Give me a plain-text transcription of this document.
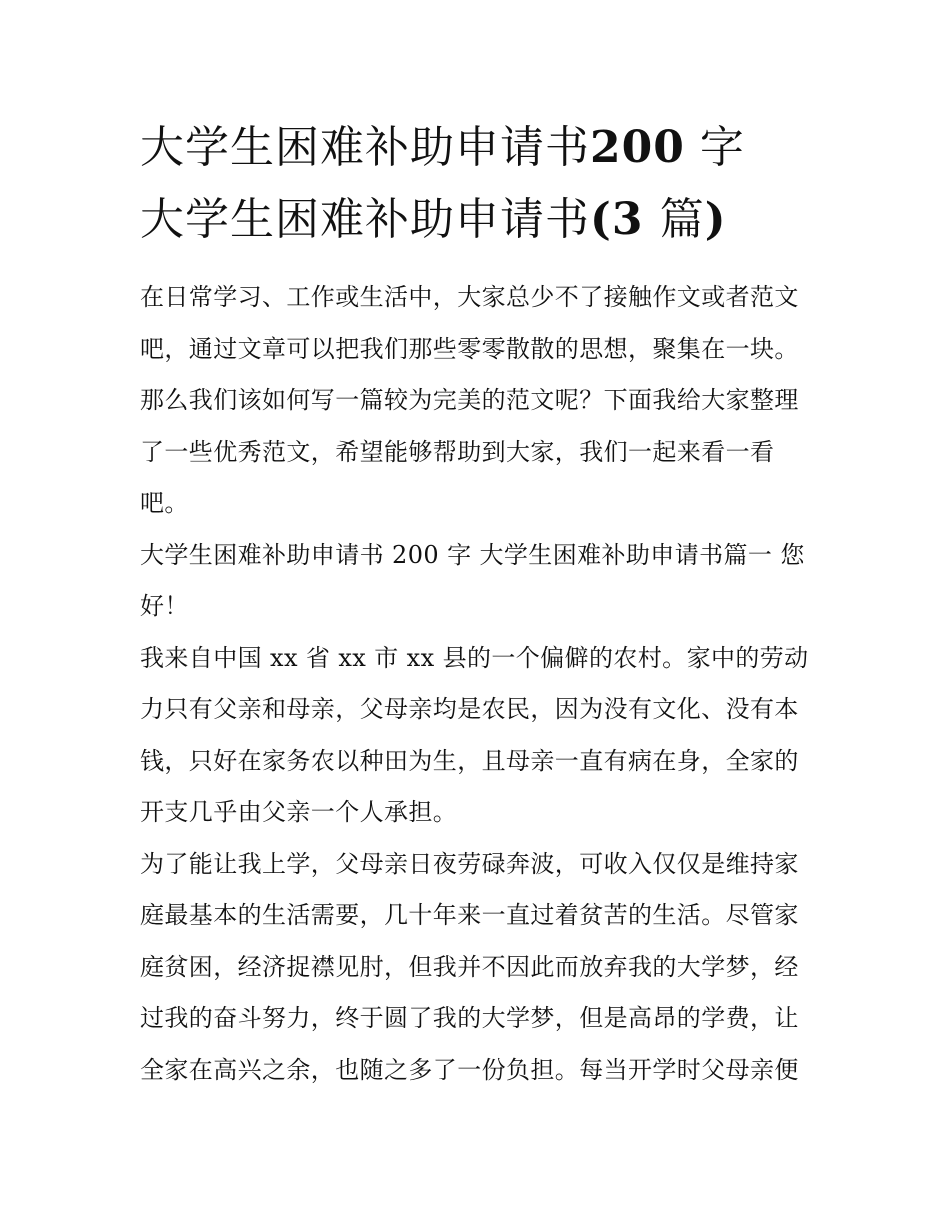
大学生困难补助申请书200 字
大学生困难补助申请书(3 篇)
在日常学习、工作或生活中，大家总少不了接触作文或者范文
吧，通过文章可以把我们那些零零散散的思想，聚集在一块。
那么我们该如何写一篇较为完美的范文呢？下面我给大家整理
了一些优秀范文，希望能够帮助到大家，我们一起来看一看
吧。
大学生困难补助申请书 200 字 大学生困难补助申请书篇一 您
好！
我来自中国 xx 省 xx 市 xx 县的一个偏僻的农村。家中的劳动
力只有父亲和母亲，父母亲均是农民，因为没有文化、没有本
钱，只好在家务农以种田为生，且母亲一直有病在身，全家的
开支几乎由父亲一个人承担。
为了能让我上学，父母亲日夜劳碌奔波，可收入仅仅是维持家
庭最基本的生活需要，几十年来一直过着贫苦的生活。尽管家
庭贫困，经济捉襟见肘，但我并不因此而放弃我的大学梦，经
过我的奋斗努力，终于圆了我的大学梦，但是高昂的学费，让
全家在高兴之余，也随之多了一份负担。每当开学时父母亲便
